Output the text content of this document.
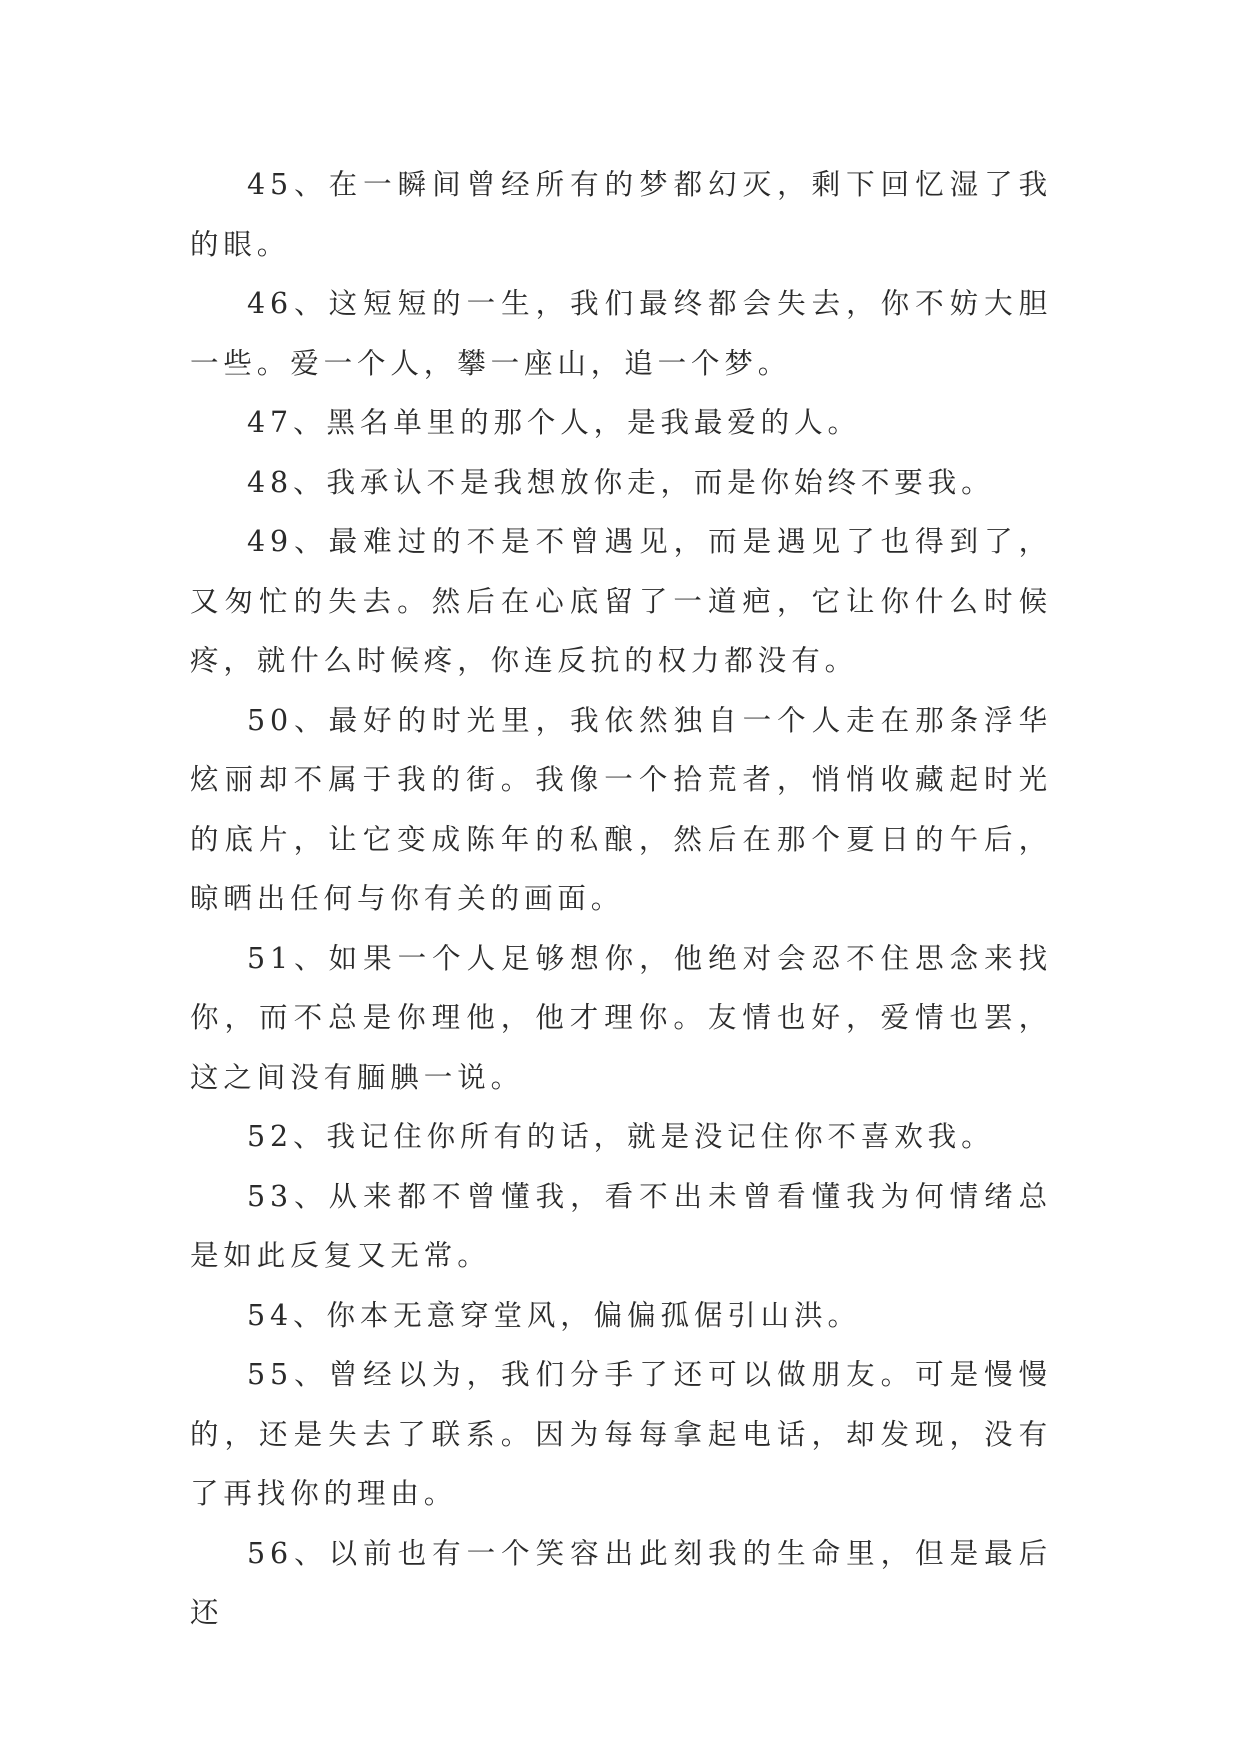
45、在一瞬间曾经所有的梦都幻灭，剩下回忆湿了我的眼。

46、这短短的一生，我们最终都会失去，你不妨大胆一些。爱一个人，攀一座山，追一个梦。

47、黑名单里的那个人，是我最爱的人。

48、我承认不是我想放你走，而是你始终不要我。

49、最难过的不是不曾遇见，而是遇见了也得到了，又匆忙的失去。然后在心底留了一道疤，它让你什么时候疼，就什么时候疼，你连反抗的权力都没有。

50、最好的时光里，我依然独自一个人走在那条浮华炫丽却不属于我的街。我像一个拾荒者，悄悄收藏起时光的底片，让它变成陈年的私酿，然后在那个夏日的午后，晾晒出任何与你有关的画面。

51、如果一个人足够想你，他绝对会忍不住思念来找你，而不总是你理他，他才理你。友情也好，爱情也罢，这之间没有腼腆一说。

52、我记住你所有的话，就是没记住你不喜欢我。

53、从来都不曾懂我，看不出未曾看懂我为何情绪总是如此反复又无常。

54、你本无意穿堂风，偏偏孤倨引山洪。

55、曾经以为，我们分手了还可以做朋友。可是慢慢的，还是失去了联系。因为每每拿起电话，却发现，没有了再找你的理由。

56、以前也有一个笑容出此刻我的生命里，但是最后还
